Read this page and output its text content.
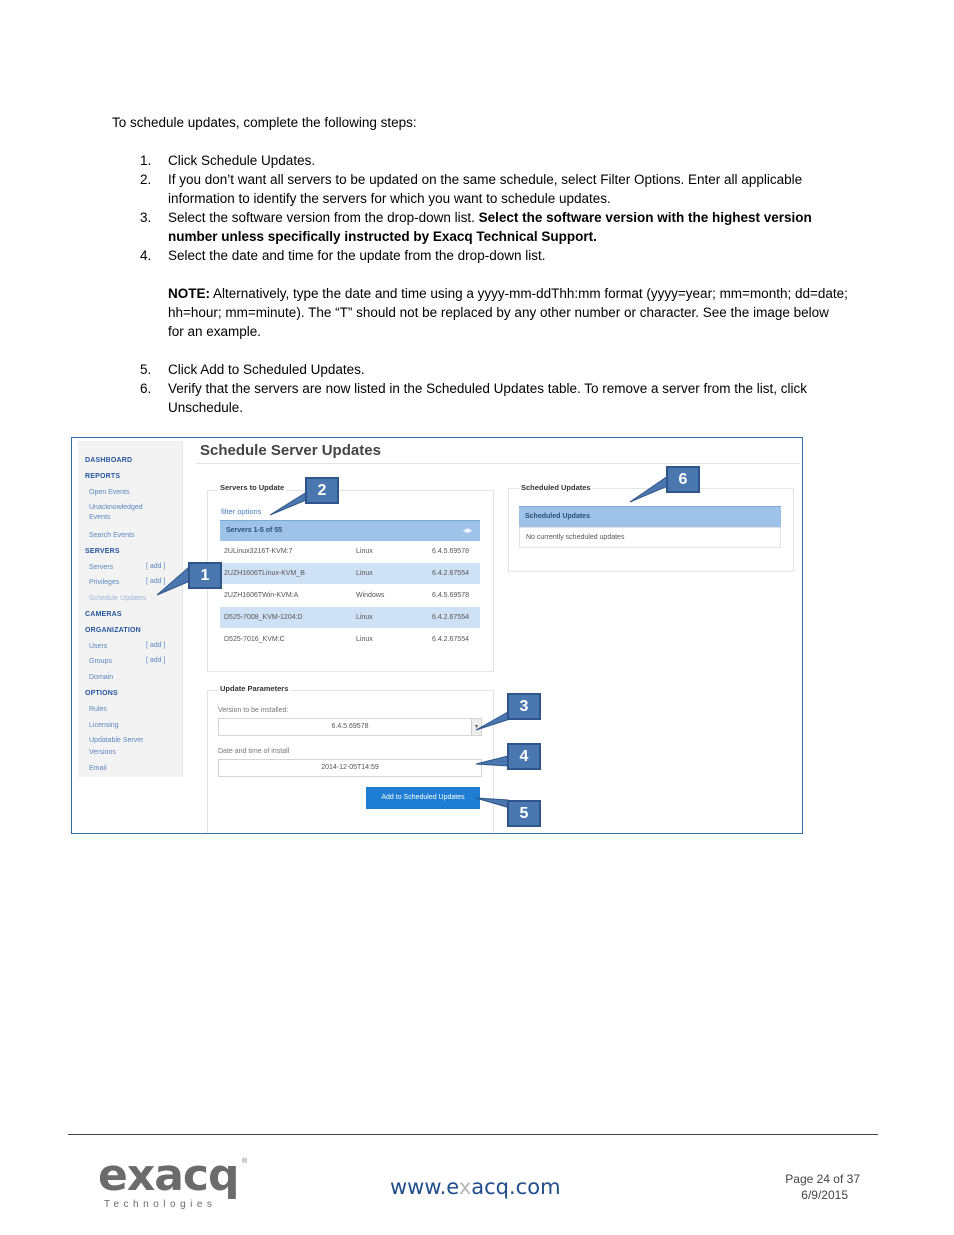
To schedule updates, complete the following steps:
1. Click Schedule Updates.
2. If you don’t want all servers to be updated on the same schedule, select Filter Options. Enter all applicable information to identify the servers for which you want to schedule updates.
3. Select the software version from the drop-down list. Select the software version with the highest version number unless specifically instructed by Exacq Technical Support.
4. Select the date and time for the update from the drop-down list.
NOTE: Alternatively, type the date and time using a yyyy-mm-ddThh:mm format (yyyy=year; mm=month; dd=date; hh=hour; mm=minute). The “T” should not be replaced by any other number or character. See the image below for an example.
5. Click Add to Scheduled Updates.
6. Verify that the servers are now listed in the Scheduled Updates table. To remove a server from the list, click Unschedule.
DASHBOARD
REPORTS
Open Events
Unacknowledged
Events
Search Events
SERVERS
Servers	[ add ]
Privileges	[ add ]
Schedule Updates
CAMERAS
ORGANIZATION
Users	[ add ]
Groups	[ add ]
Domain
OPTIONS
Rules
Licensing
Updatable Server
Versions
Email
Schedule Server Updates
Servers to Update
filter options
Servers 1-5 of 55	◂▸
2ULinux3216T-KVM:7	Linux	6.4.5.69578
2UZH1606TLinux-KVM_B	Linux	6.4.2.67554
2UZH1606TWin-KVM:A	Windows	6.4.5.69578
D525-7008_KVM-1204:D	Linux	6.4.2.67554
D525-7016_KVM:C	Linux	6.4.2.67554
Scheduled Updates
Scheduled Updates
No currently scheduled updates
Update Parameters
Version to be installed:
6.4.5.69578	▾
Date and time of install
2014-12-05T14:59
Add to Scheduled Updates
1
2
3
4
5
6
exacq ®
Technologies
www.exacq.com	Page 24 of 37
6/9/2015
